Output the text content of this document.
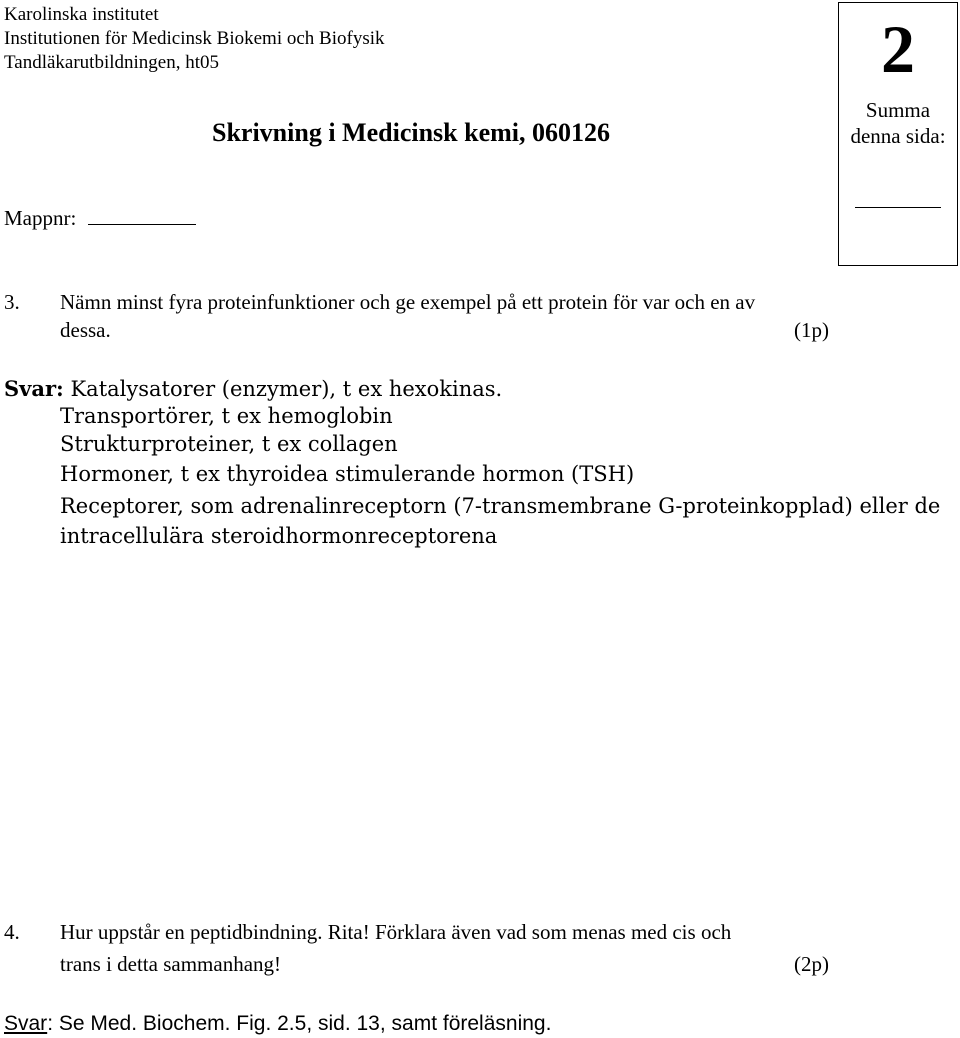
Karolinska institutet
Institutionen för Medicinsk Biokemi och Biofysik
Tandläkarutbildningen, ht05
Skrivning i Medicinsk kemi, 060126
Mappnr:
2
Summa
denna sida:
3. Nämn minst fyra proteinfunktioner och ge exempel på ett protein för var och en av
dessa.	(1p)
Svar: Katalysatorer (enzymer), t ex hexokinas.
Transportörer, t ex hemoglobin
Strukturproteiner, t ex collagen
Hormoner, t ex thyroidea stimulerande hormon (TSH)
Receptorer, som adrenalinreceptorn (7-transmembrane G-proteinkopplad) eller de
intracellulära steroidhormonreceptorena
4. Hur uppstår en peptidbindning. Rita! Förklara även vad som menas med cis och
trans i detta sammanhang!	(2p)
Svar: Se Med. Biochem. Fig. 2.5, sid. 13, samt föreläsning.
